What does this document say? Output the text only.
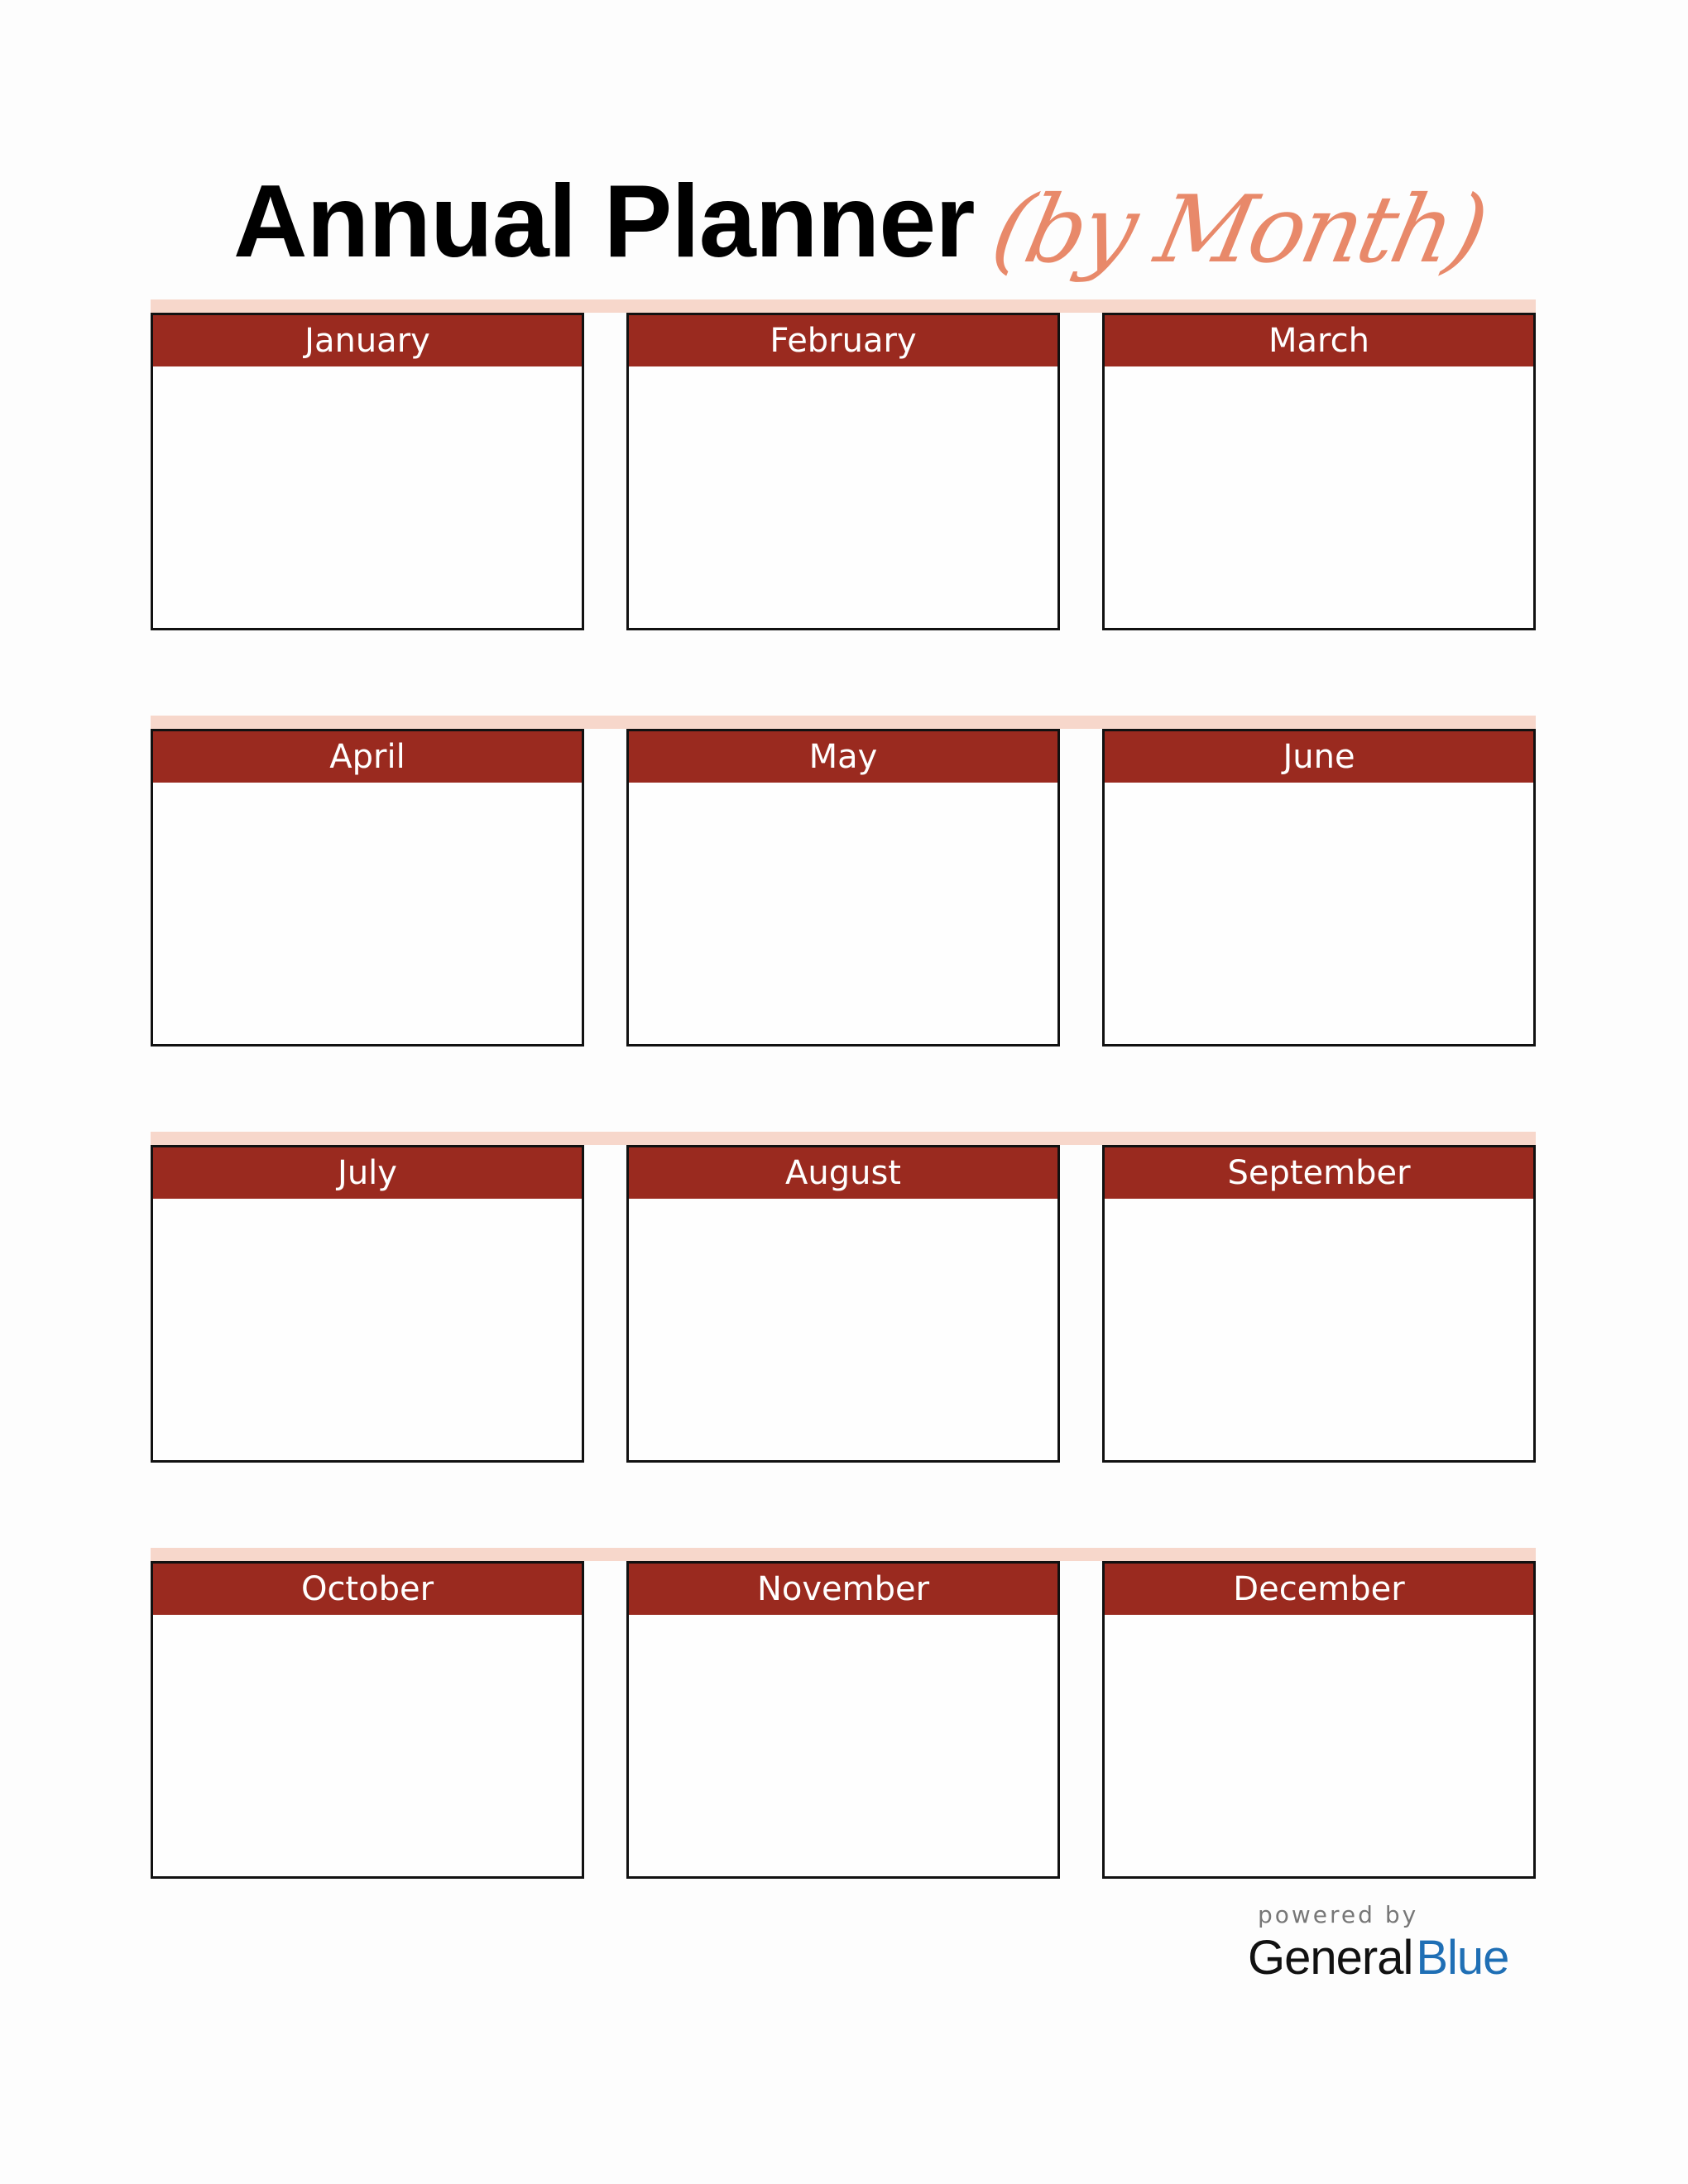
Annual Planner (by Month)
January	February	March
April	May	June
July	August	September
October	November	December
powered by
GeneralBlue
